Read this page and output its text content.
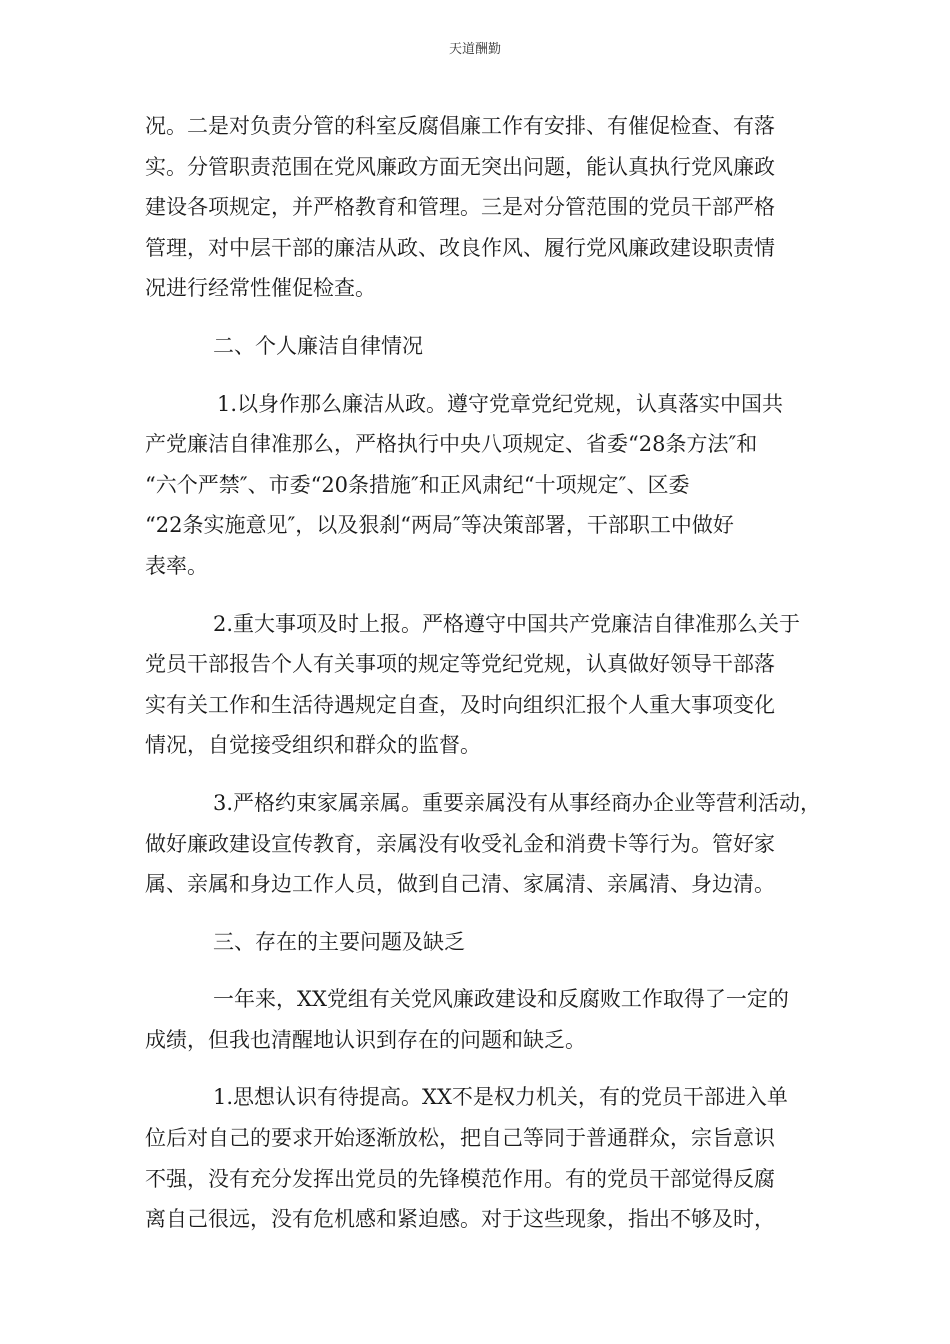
天道酬勤
况。二是对负责分管的科室反腐倡廉工作有安排、有催促检查、有落
实。分管职责范围在党风廉政方面无突出问题，能认真执行党风廉政
建设各项规定，并严格教育和管理。三是对分管范围的党员干部严格
管理，对中层干部的廉洁从政、改良作风、履行党风廉政建设职责情
况进行经常性催促检查。
二、个人廉洁自律情况
1.以身作那么廉洁从政。遵守党章党纪党规，认真落实中国共
产党廉洁自律准那么，严格执行中央八项规定、省委“28条方法″和
“六个严禁″、市委“20条措施″和正风肃纪“十项规定″、区委
“22条实施意见″，以及狠刹“两局″等决策部署，干部职工中做好
表率。
2.重大事项及时上报。严格遵守中国共产党廉洁自律准那么关于
党员干部报告个人有关事项的规定等党纪党规，认真做好领导干部落
实有关工作和生活待遇规定自查，及时向组织汇报个人重大事项变化
情况，自觉接受组织和群众的监督。
3.严格约束家属亲属。重要亲属没有从事经商办企业等营利活动，
做好廉政建设宣传教育，亲属没有收受礼金和消费卡等行为。管好家
属、亲属和身边工作人员，做到自己清、家属清、亲属清、身边清。
三、存在的主要问题及缺乏
一年来，XX党组有关党风廉政建设和反腐败工作取得了一定的
成绩，但我也清醒地认识到存在的问题和缺乏。
1.思想认识有待提高。XX不是权力机关，有的党员干部进入单
位后对自己的要求开始逐渐放松，把自己等同于普通群众，宗旨意识
不强，没有充分发挥出党员的先锋模范作用。有的党员干部觉得反腐
离自己很远，没有危机感和紧迫感。对于这些现象，指出不够及时，
